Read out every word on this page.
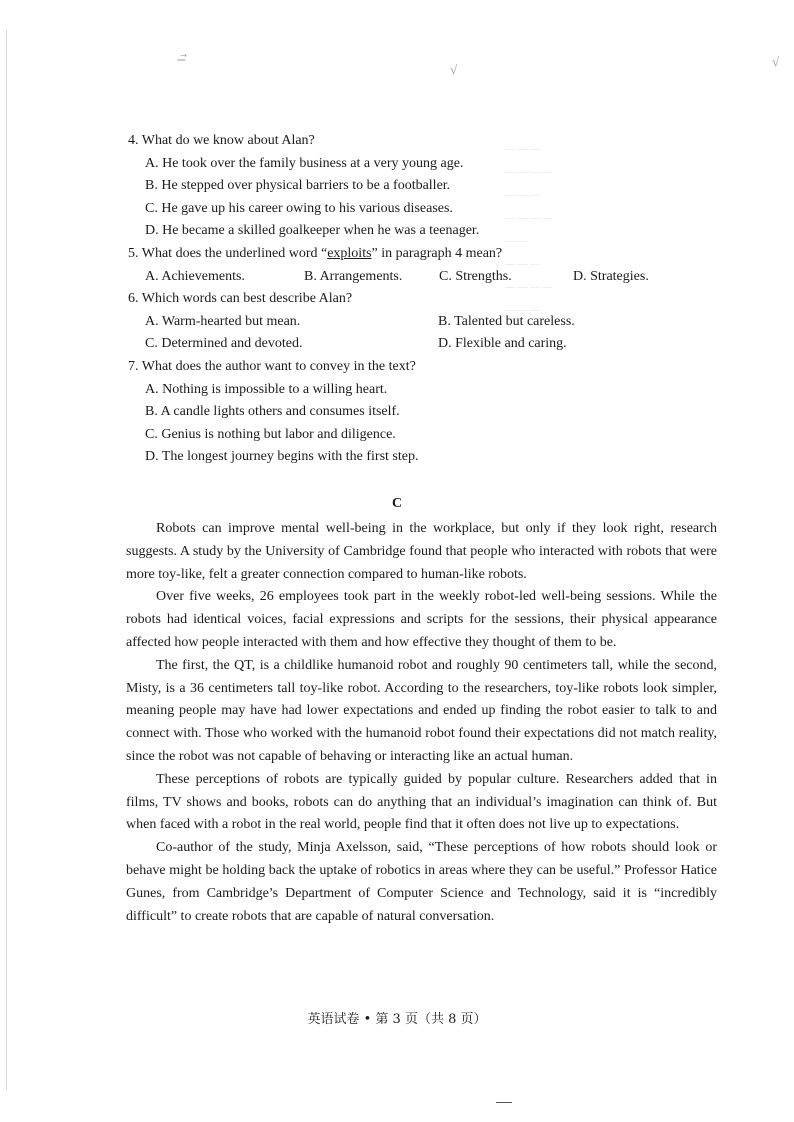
−⃗
√
√
— — —
— — — —
— — —
— — — —
— —
— — —
— — — —
— — —
4. What do we know about Alan?
A. He took over the family business at a very young age.
B. He stepped over physical barriers to be a footballer.
C. He gave up his career owing to his various diseases.
D. He became a skilled goalkeeper when he was a teenager.
5. What does the underlined word “exploits” in paragraph 4 mean?
A. Achievements.	B. Arrangements.	C. Strengths.	D. Strategies.
6. Which words can best describe Alan?
A. Warm-hearted but mean.	B. Talented but careless.
C. Determined and devoted.	D. Flexible and caring.
7. What does the author want to convey in the text?
A. Nothing is impossible to a willing heart.
B. A candle lights others and consumes itself.
C. Genius is nothing but labor and diligence.
D. The longest journey begins with the first step.
C

Robots can improve mental well-being in the workplace, but only if they look right, research suggests. A study by the University of Cambridge found that people who interacted with robots that were more toy-like, felt a greater connection compared to human-like robots.

Over five weeks, 26 employees took part in the weekly robot-led well-being sessions. While the robots had identical voices, facial expressions and scripts for the sessions, their physical appearance affected how people interacted with them and how effective they thought of them to be.

The first, the QT, is a childlike humanoid robot and roughly 90 centimeters tall, while the second, Misty, is a 36 centimeters tall toy-like robot. According to the researchers, toy-like robots look simpler, meaning people may have had lower expectations and ended up finding the robot easier to talk to and connect with. Those who worked with the humanoid robot found their expectations did not match reality, since the robot was not capable of behaving or interacting like an actual human.

These perceptions of robots are typically guided by popular culture. Researchers added that in films, TV shows and books, robots can do anything that an individual’s imagination can think of. But when faced with a robot in the real world, people find that it often does not live up to expectations.

Co-author of the study, Minja Axelsson, said, “These perceptions of how robots should look or behave might be holding back the uptake of robotics in areas where they can be useful.” Professor Hatice Gunes, from Cambridge’s Department of Computer Science and Technology, said it is “incredibly difficult” to create robots that are capable of natural conversation.

英语试卷 • 第 3 页（共 8 页）
